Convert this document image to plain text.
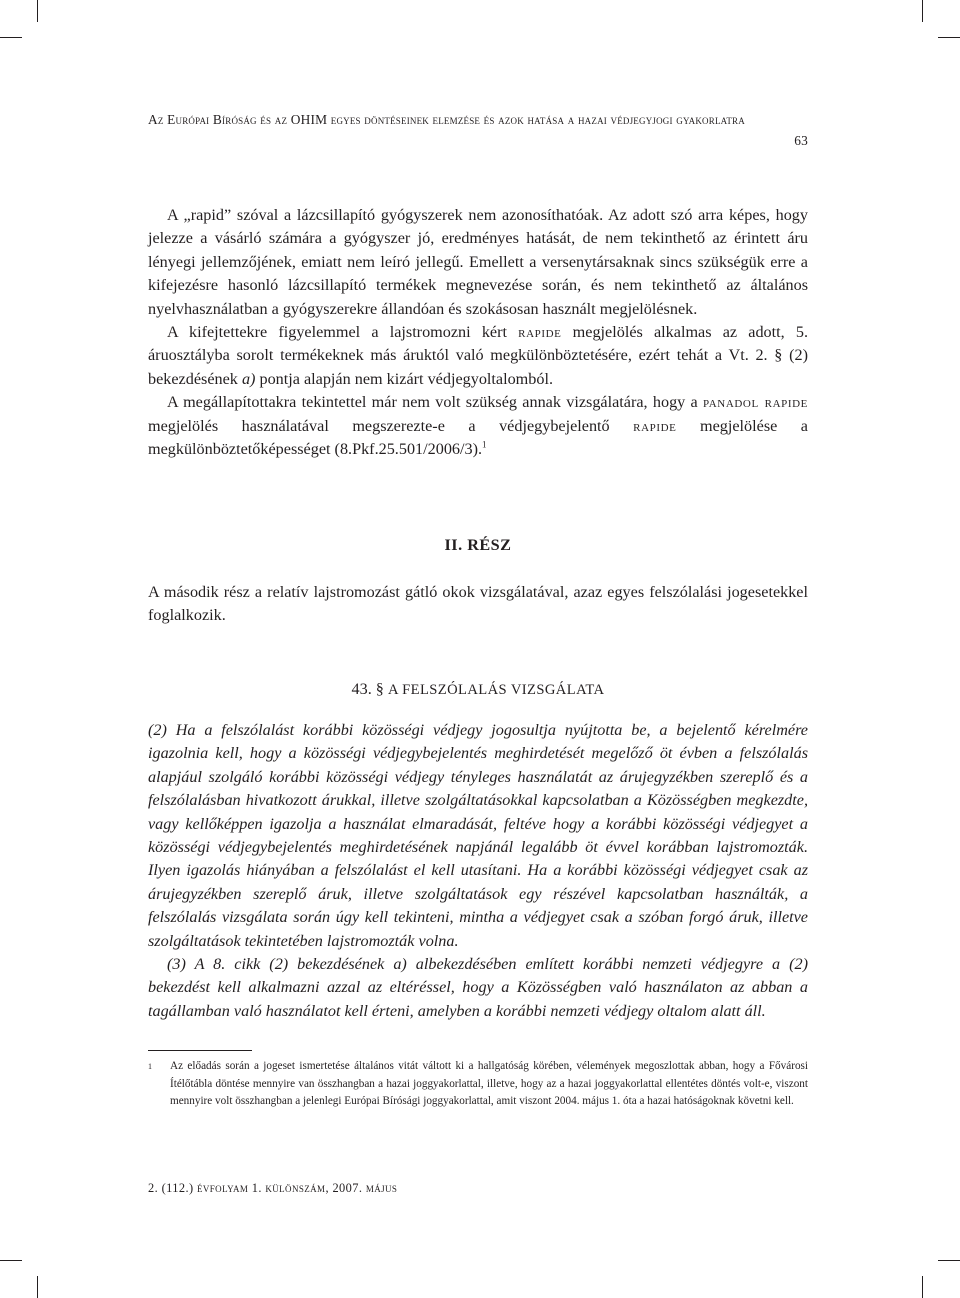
Az Európai Bíróság és az OHIM egyes döntéseinek elemzése és azok hatása a hazai védjegyjogi gyakorlatra
63

A „rapid” szóval a lázcsillapító gyógyszerek nem azonosíthatóak. Az adott szó arra képes, hogy jelezze a vásárló számára a gyógyszer jó, eredményes hatását, de nem tekinthető az érintett áru lényegi jellemzőjének, emiatt nem leíró jellegű. Emellett a versenytársaknak sincs szükségük erre a kifejezésre hasonló lázcsillapító termékek megnevezése során, és nem tekinthető az általános nyelvhasználatban a gyógyszerekre állandóan és szokásosan használt megjelölésnek.

A kifejtettekre figyelemmel a lajstromozni kért rapide megjelölés alkalmas az adott, 5. áruosztályba sorolt termékeknek más áruktól való megkülönböztetésére, ezért tehát a Vt. 2. § (2) bekezdésének a) pontja alapján nem kizárt védjegyoltalomból.

A megállapítottakra tekintettel már nem volt szükség annak vizsgálatára, hogy a panadol rapide megjelölés használatával megszerezte-e a védjegybejelentő rapide megjelölése a megkülönböztetőképességet (8.Pkf.25.501/2006/3).$^1$

II. RÉSZ

A második rész a relatív lajstromozást gátló okok vizsgálatával, azaz egyes felszólalási jogesetekkel foglalkozik.

43. § A FELSZÓLALÁS VIZSGÁLATA

(2) Ha a felszólalást korábbi közösségi védjegy jogosultja nyújtotta be, a bejelentő kérelmére igazolnia kell, hogy a közösségi védjegybejelentés meghirdetését megelőző öt évben a felszólalás alapjául szolgáló korábbi közösségi védjegy tényleges használatát az árujegyzékben szereplő és a felszólalásban hivatkozott árukkal, illetve szolgáltatásokkal kapcsolatban a Közösségben megkezdte, vagy kellőképpen igazolja a használat elmaradását, feltéve hogy a korábbi közösségi védjegyet a közösségi védjegybejelentés meghirdetésének napjánál legalább öt évvel korábban lajstromozták. Ilyen igazolás hiányában a felszólalást el kell utasítani. Ha a korábbi közösségi védjegyet csak az árujegyzékben szereplő áruk, illetve szolgáltatások egy részével kapcsolatban használták, a felszólalás vizsgálata során úgy kell tekinteni, mintha a védjegyet csak a szóban forgó áruk, illetve szolgáltatások tekintetében lajstromozták volna.

(3) A 8. cikk (2) bekezdésének a) albekezdésében említett korábbi nemzeti védjegyre a (2) bekezdést kell alkalmazni azzal az eltéréssel, hogy a Közösségben való használaton az abban a tagállamban való használatot kell érteni, amelyben a korábbi nemzeti védjegy oltalom alatt áll.

1 Az előadás során a jogeset ismertetése általános vitát váltott ki a hallgatóság körében, vélemények megoszlottak abban, hogy a Fővárosi Ítélőtábla döntése mennyire van összhangban a hazai joggyakorlattal, illetve, hogy az a hazai joggyakorlattal ellentétes döntés volt-e, viszont mennyire volt összhangban a jelenlegi Európai Bírósági joggyakorlattal, amit viszont 2004. május 1. óta a hazai hatóságoknak követni kell.
2. (112.) évfolyam 1. különszám, 2007. május
